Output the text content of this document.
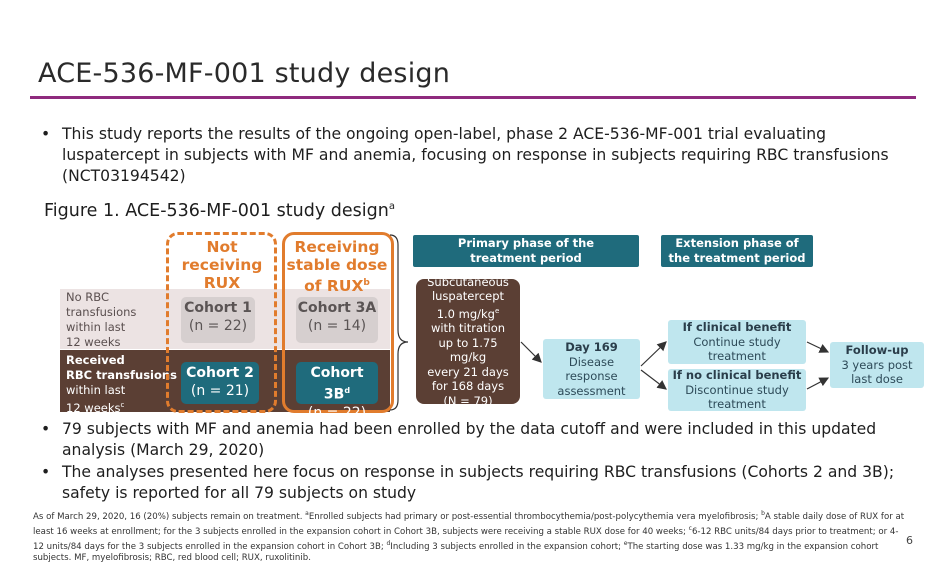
ACE-536-MF-001 study design
• This study reports the results of the ongoing open-label, phase 2 ACE-536-MF-001 trial evaluating luspatercept in subjects with MF and anemia, focusing on response in subjects requiring RBC transfusions (NCT03194542)
Figure 1. ACE-536-MF-001 study design$^a$
No RBC
transfusions
within last
12 weeks
Received
RBC transfusions
within last
12 weeks$^c$
Not
receiving
RUX
Receiving
stable dose
of RUX$^b$
Cohort 1
(n = 22)
Cohort 3A
(n = 14)
Cohort 2
(n = 21)
Cohort $3B^d$
(n = 22)
Primary phase of the treatment period
Extension phase of the treatment period
Subcutaneous
luspatercept
1.0 $mg/kg^e$
with titration
up to 1.75
mg/kg
every 21 days
for 168 days
(N = 79)
Day 169
Disease
response
assessment
If clinical benefit
Continue study
treatment
If no clinical benefit
Discontinue study
treatment
Follow-up
3 years post
last dose
• 79 subjects with MF and anemia had been enrolled by the data cutoff and were included in this updated analysis (March 29, 2020)
• The analyses presented here focus on response in subjects requiring RBC transfusions (Cohorts 2 and 3B); safety is reported for all 79 subjects on study
As of March 29, 2020, 16 (20%) subjects remain on treatment. $^a$Enrolled subjects had primary or post-essential thrombocythemia/post-polycythemia vera myelofibrosis; $^b$A stable daily dose of RUX for at least 16 weeks at enrollment; for the 3 subjects enrolled in the expansion cohort in Cohort 3B, subjects were receiving a stable RUX dose for 40 weeks; $^c$6-12 RBC units/84 days prior to treatment; or 4-12 units/84 days for the 3 subjects enrolled in the expansion cohort in Cohort 3B; $^d$Including 3 subjects enrolled in the expansion cohort; $^e$The starting dose was 1.33 mg/kg in the expansion cohort subjects. MF, myelofibrosis; RBC, red blood cell; RUX, ruxolitinib.
6
